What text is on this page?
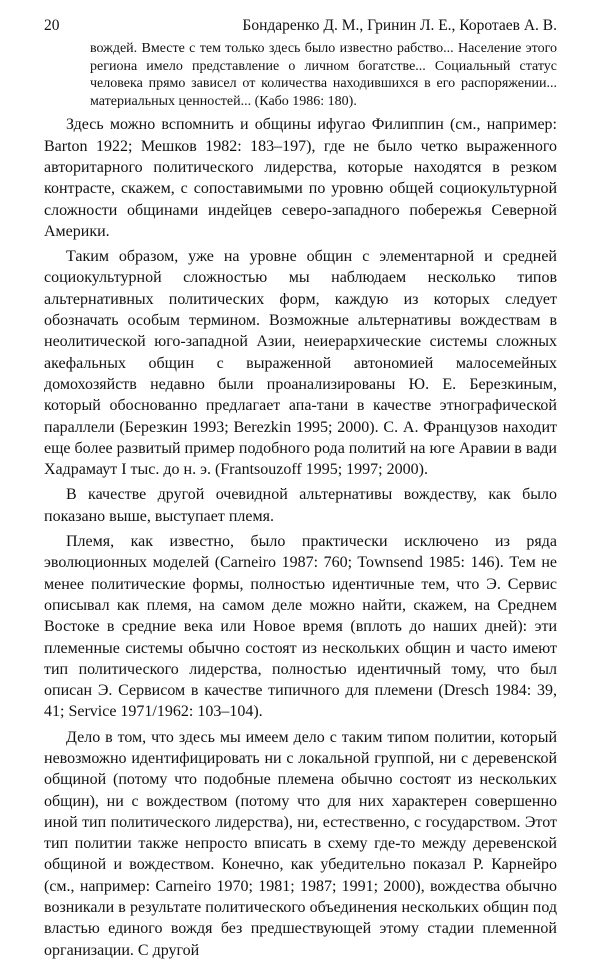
20	Бондаренко Д. М., Гринин Л. Е., Коротаев А. В.

вождей. Вместе с тем только здесь было известно рабство... Население этого региона имело представление о личном богатстве... Социальный статус человека прямо зависел от количества находившихся в его распоряжении... материальных ценностей... (Кабо 1986: 180).

Здесь можно вспомнить и общины ифугао Филиппин (см., например: Barton 1922; Мешков 1982: 183–197), где не было четко выраженного авторитарного политического лидерства, которые находятся в резком контрасте, скажем, с сопоставимыми по уровню общей социокультурной сложности общинами индейцев северо-западного побережья Северной Америки.

Таким образом, уже на уровне общин с элементарной и средней социокультурной сложностью мы наблюдаем несколько типов альтернативных политических форм, каждую из которых следует обозначать особым термином. Возможные альтернативы вождествам в неолитической юго-западной Азии, неиерархические системы сложных акефальных общин с выраженной автономией малосемейных домохозяйств недавно были проанализированы Ю. Е. Березкиным, который обоснованно предлагает апа-тани в качестве этнографической параллели (Березкин 1993; Berezkin 1995; 2000). С. А. Французов находит еще более развитый пример подобного рода политий на юге Аравии в вади Хадрамаут I тыс. до н. э. (Frantsouzoff 1995; 1997; 2000).

В качестве другой очевидной альтернативы вождеству, как было показано выше, выступает племя.

Племя, как известно, было практически исключено из ряда эволюционных моделей (Carneiro 1987: 760; Townsend 1985: 146). Тем не менее политические формы, полностью идентичные тем, что Э. Сервис описывал как племя, на самом деле можно найти, скажем, на Среднем Востоке в средние века или Новое время (вплоть до наших дней): эти племенные системы обычно состоят из нескольких общин и часто имеют тип политического лидерства, полностью идентичный тому, что был описан Э. Сервисом в качестве типичного для племени (Dresch 1984: 39, 41; Service 1971/1962: 103–104).

Дело в том, что здесь мы имеем дело с таким типом политии, который невозможно идентифицировать ни с локальной группой, ни с деревенской общиной (потому что подобные племена обычно состоят из нескольких общин), ни с вождеством (потому что для них характерен совершенно иной тип политического лидерства), ни, естественно, с государством. Этот тип политии также непросто вписать в схему где-то между деревенской общиной и вождеством. Конечно, как убедительно показал Р. Карнейро (см., например: Carneiro 1970; 1981; 1987; 1991; 2000), вождества обычно возникали в результате политического объединения нескольких общин под властью единого вождя без предшествующей этому стадии племенной организации. С другой
